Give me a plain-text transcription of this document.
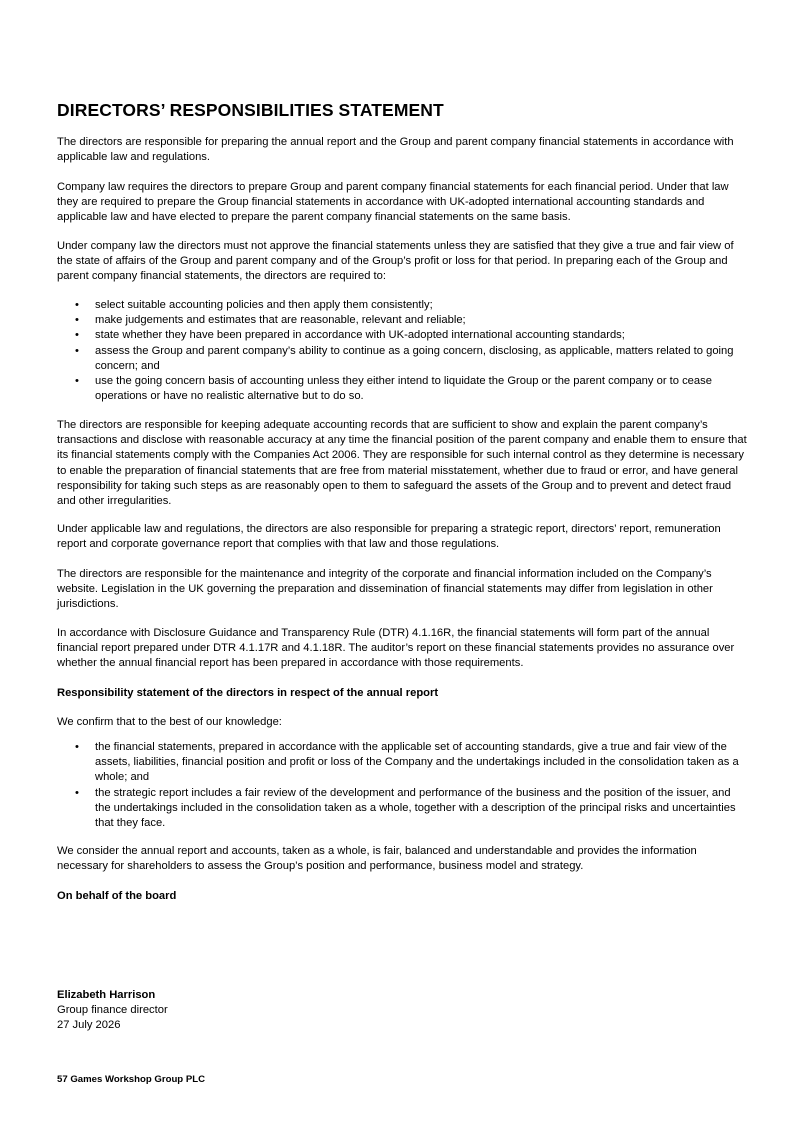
DIRECTORS’ RESPONSIBILITIES STATEMENT

The directors are responsible for preparing the annual report and the Group and parent company financial statements in accordance with applicable law and regulations.

Company law requires the directors to prepare Group and parent company financial statements for each financial period. Under that law they are required to prepare the Group financial statements in accordance with UK-adopted international accounting standards and applicable law and have elected to prepare the parent company financial statements on the same basis.

Under company law the directors must not approve the financial statements unless they are satisfied that they give a true and fair view of the state of affairs of the Group and parent company and of the Group’s profit or loss for that period. In preparing each of the Group and parent company financial statements, the directors are required to:

• select suitable accounting policies and then apply them consistently;
• make judgements and estimates that are reasonable, relevant and reliable;
• state whether they have been prepared in accordance with UK-adopted international accounting standards;
• assess the Group and parent company’s ability to continue as a going concern, disclosing, as applicable, matters related to going concern; and
• use the going concern basis of accounting unless they either intend to liquidate the Group or the parent company or to cease operations or have no realistic alternative but to do so.

The directors are responsible for keeping adequate accounting records that are sufficient to show and explain the parent company’s transactions and disclose with reasonable accuracy at any time the financial position of the parent company and enable them to ensure that its financial statements comply with the Companies Act 2006. They are responsible for such internal control as they determine is necessary to enable the preparation of financial statements that are free from material misstatement, whether due to fraud or error, and have general responsibility for taking such steps as are reasonably open to them to safeguard the assets of the Group and to prevent and detect fraud and other irregularities.

Under applicable law and regulations, the directors are also responsible for preparing a strategic report, directors’ report, remuneration report and corporate governance report that complies with that law and those regulations.

The directors are responsible for the maintenance and integrity of the corporate and financial information included on the Company’s website. Legislation in the UK governing the preparation and dissemination of financial statements may differ from legislation in other jurisdictions.

In accordance with Disclosure Guidance and Transparency Rule (DTR) 4.1.16R, the financial statements will form part of the annual financial report prepared under DTR 4.1.17R and 4.1.18R. The auditor’s report on these financial statements provides no assurance over whether the annual financial report has been prepared in accordance with those requirements.

Responsibility statement of the directors in respect of the annual report

We confirm that to the best of our knowledge:

• the financial statements, prepared in accordance with the applicable set of accounting standards, give a true and fair view of the assets, liabilities, financial position and profit or loss of the Company and the undertakings included in the consolidation taken as a whole; and
• the strategic report includes a fair review of the development and performance of the business and the position of the issuer, and the undertakings included in the consolidation taken as a whole, together with a description of the principal risks and uncertainties that they face.

We consider the annual report and accounts, taken as a whole, is fair, balanced and understandable and provides the information necessary for shareholders to assess the Group’s position and performance, business model and strategy.

On behalf of the board

Elizabeth Harrison
Group finance director
27 July 2026
57 Games Workshop Group PLC
